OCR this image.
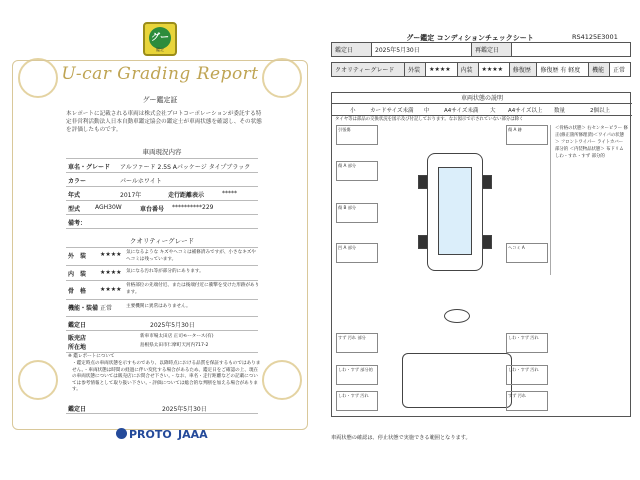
グー
鑑定
U-car Grading Report
グー鑑定証
本レポートに記載される車両は株式会社プロトコーポレーションが委託する特定非営利活動法人日本自動車鑑定協会の鑑定士が車両状態を確認し、その状態を評価したものです。
車両現況内容
車名・グレード アルファード 2.5S Aパッケージ タイプブラック
カラー	パールホワイト
年式	2017年	走行距離表示	*****
型式 AGH30W	車台番号 **********229
備考：
クオリティーグレード
外　装 ★★★★ 気になるような キズやヘコミは補修済みですが、小さなキズやヘコミは残っています。
内　装 ★★★★ 気になる汚れ等が部分的にあります。
骨　格 ★★★★
骨格部位の先端付近、または後端付近に衝撃を受けた形跡があります。
機能・装備 正常	主要機関に異常はありません。
鑑定日	2025年5月30日
販売店	新車市場太田店 正司モータース(有)
所在地	島根県太田市仁摩町天河内717-2
※ 鑑レポートについて
・鑑定時点の車両状態を示すものであり、以降時点における品質を保証するものではありません。・車両状態は時間の経過に伴い変化する場合があるため、鑑定日をご確認の上、現在の車両状態については販売店にお問合せ下さい。・なお、車名・走行距離などの記載については参考情報として取り扱い下さい。・評価については総合的な判断を加える場合があります。
鑑定日	2025年5月30日
PROTO JAAA
グー鑑定 コンディションチェックシート	RS4125E3001
鑑定日	2025年5月30日	再鑑定日	
クオリティーグレード	外装	★★★★	内装	★★★★	修復歴	修復歴 有 軽度	機能	正常
車両状態の説明
小	カードサイズ未満 中	A4サイズ未満 大 A4サイズ以上 数量	2個以上
タイヤ等は部品の交換状況を図示及び付記しております。なお図示で示されていない部分は除く
引張傷
傷 A 部分
傷 B 部分
凹 A 部分
傷 A 跡
ヘコミ A
すず 汚れ 部分	しわ・すず 汚れ
しわ・すず 部分的	しわ・すず 汚れ
しわ・すず 汚れ	すず 汚れ
＜骨格の状態＞ 右センターピラー 修正(修正箇所修理済)＜ワイパの状態＞ フロントワイパー ライトカバー 部分的 ＜内装物品状態＞ 布ドリム しわ・すれ・すず 部分的
車両状態の確認は、停止状態で実施できる範囲となります。
